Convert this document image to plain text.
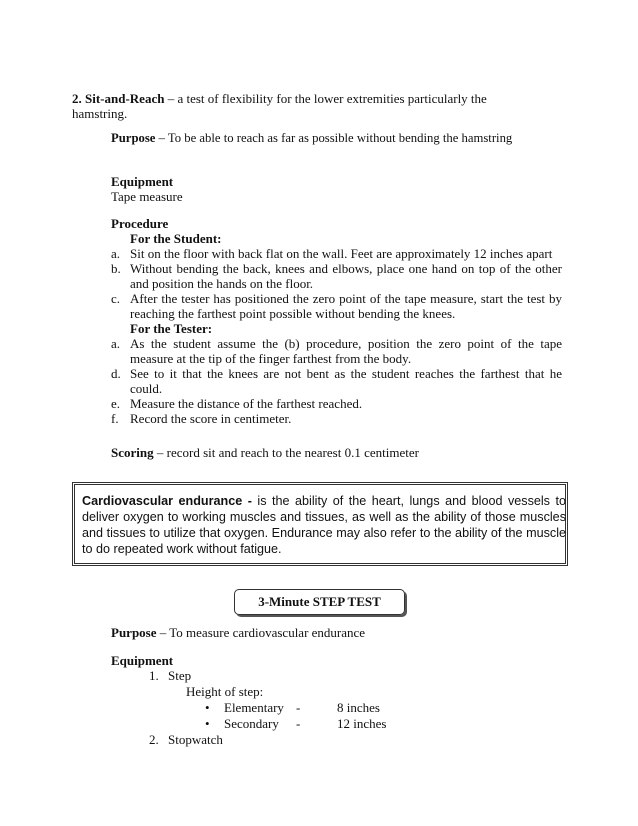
2. Sit-and-Reach – a test of flexibility for the lower extremities particularly the
hamstring.
Purpose – To be able to reach as far as possible without bending the hamstring
Equipment
Tape measure
Procedure
For the Student:
a. Sit on the floor with back flat on the wall. Feet are approximately 12 inches apart
b. Without bending the back, knees and elbows, place one hand on top of the other and position the hands on the floor.
c. After the tester has positioned the zero point of the tape measure, start the test by reaching the farthest point possible without bending the knees.
For the Tester:
a. As the student assume the (b) procedure, position the zero point of the tape measure at the tip of the finger farthest from the body.
d. See to it that the knees are not bent as the student reaches the farthest that he could.
e. Measure the distance of the farthest reached.
f. Record the score in centimeter.
Scoring – record sit and reach to the nearest 0.1 centimeter
Cardiovascular endurance - is the ability of the heart, lungs and blood vessels to deliver oxygen to working muscles and tissues, as well as the ability of those muscles and tissues to utilize that oxygen. Endurance may also refer to the ability of the muscle to do repeated work without fatigue.
3-Minute STEP TEST
Purpose – To measure cardiovascular endurance
Equipment
1. Step
Height of step:
• Elementary -	8 inches
• Secondary -	12 inches
2. Stopwatch
